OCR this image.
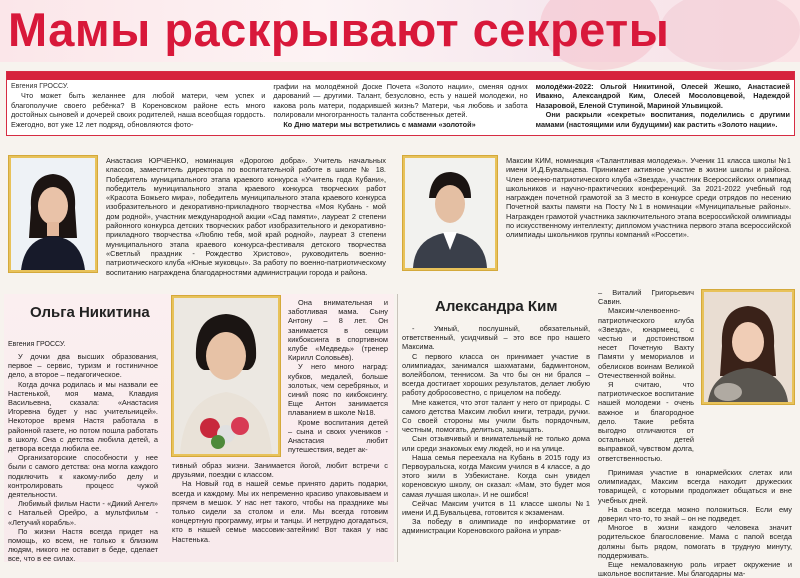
Мамы раскрывают секреты
Евгения ГРОССУ.
Что может быть желаннее для любой матери, чем успех и благополучие своего ребёнка? В Кореновском районе есть много достойных сыновей и дочерей своих родителей, наша всеобщая гордость. Ежегодно, вот уже 12 лет подряд, обновляются фото-
графии на молодёжной Доске Почета «Золото нации», сменяя одних дарований — другими. Талант, безусловно, есть у нашей молодежи, но какова роль матери, подарившей жизнь? Матери, чья любовь и забота полировали многогранность таланта собственных детей.
Ко Дню матери мы встретились с мамами «золотой»
молодёжи-2022: Ольгой Никитиной, Олесей Жешко, Анастасией Ивакно, Александрой Ким, Олесей Мосоловцевой, Надеждой Назаровой, Еленой Ступиной, Мариной Ульвицкой.
Они раскрыли «секреты» воспитания, поделились с другими мамами (настоящими или будущими) как растить «Золото нации».
Анастасия ЮРЧЕНКО, номинация «Дорогою добра». Учитель начальных классов, заместитель директора по воспитательной работе в школе № 18. Победитель муниципального этапа краевого конкурса «Учитель года Кубани», победитель муниципального этапа краевого конкурса творческих работ «Красота Божьего мира», победитель муниципального этапа краевого конкурса изобразительного и декоративно-прикладного творчества «Моя Кубань - мой дом родной», участник международной акции «Сад памяти», лауреат 2 степени районного конкурса детских творческих работ изобразительного и декоративно-прикладного творчества «Люблю тебя, мой край родной», лауреат 3 степени муниципального этапа краевого конкурса-фестиваля детского творчества «Светлый праздник - Рождество Христово», руководитель военно-патриотического клуба «Юные жуковцы». За работу по военно-патриотическому воспитанию награждена благодарностями администрации города и района.
Максим КИМ, номинация «Талантливая молодежь». Ученик 11 класса школы №1 имени И.Д.Бувальцева. Принимает активное участие в жизни школы и района. Член военно-патриотического клуба «Звезда», участник Всероссийских олимпиад школьников и научно-практических конференций. За 2021-2022 учебный год награжден почетной грамотой за 3 место в конкурсе среди отрядов по несению Почетной вахты памяти на Посту №1 в номинации «Муниципальные районы». Награжден грамотой участника заключительного этапа всероссийской олимпиады по искусственному интеллекту; дипломом участника первого этапа всероссийской олимпиады школьников группы компаний «Россети».
Ольга Никитина
Евгения ГРОССУ.

У дочки два высших образования, первое – сервис, туризм и гостиничное дело, а второе – педагогическое.

Когда дочка родилась и мы назвали ее Настенькой, моя мама, Клавдия Васильевна, сказала: «Анастасия Игоревна будет у нас учительницей». Некоторое время Настя работала в районной газете, но потом пошла работать в школу. Она с детства любила детей, а детвора всегда любила ее.

Организаторские способности у нее были с самого детства: она могла каждого подключить к какому-либо делу и контролировать процесс чужой деятельности.

Любимый фильм Насти - «Дикий Ангел» с Натальей Орейро, а мультфильм - «Летучий корабль».

По жизни Настя всегда придет на помощь, ко всем, не только к близким людям, никого не оставит в беде, сделает все, что в ее силах.

тивный образ жизни. Занимается йогой, любит встречи с друзьями, поездки с классом.

На Новый год в нашей семье принято дарить подарки, всегда и каждому. Мы их непременно красиво упаковываем и прячем в мешок. У нас нет такого, чтобы на празднике мы только сидели за столом и ели. Мы всегда готовим концертную программу, игры и танцы. И нетрудно догадаться, кто в нашей семье массовик-затейник! Вот такая у нас Настенька.

Она внимательная и заботливая мама. Сыну Антону – 8 лет. Он занимается в секции кикбоксинга в спортивном клубе «Медведь» (тренер Кирилл Соловьёв).

У него много наград: кубков, медалей, больше золотых, чем серебряных, и синий пояс по кикбоксингу. Еще Антон занимается плаванием в школе №18.

Кроме воспитания детей – сына и своих учеников - Анастасия любит путешествия, ведет ак-

Александра Ким

- Умный, послушный, обязательный, ответственный, усидчивый – это все про нашего Максима.

С первого класса он принимает участие в олимпиадах, занимался шахматами, бадминтоном, волейболом, теннисом. За что бы он ни брался – всегда достигает хороших результатов, делает любую работу добросовестно, с прицелом на победу.

Мне кажется, что этот талант у него от природы. С самого детства Максим любил книги, тетради, ручки. Со своей стороны мы учили быть порядочным, честным, помогать, делиться, защищать.

Сын отзывчивый и внимательный не только дома или среди знакомых ему людей, но и на улице.

Наша семья переехала на Кубань в 2015 году из Первоуральска, когда Максим учился в 4 классе, а до этого жили в Узбекистане. Когда сын увидел кореновскую школу, он сказал: «Мам, это будет моя самая лучшая школа». И не ошибся!

Сейчас Максим учится в 11 классе школы №1 имени И.Д.Бувальцева, готовится к экзаменам.

За победу в олимпиаде по информатике от администрации Кореновского района и управ-

– Виталий Григорьевич Савин.

Максим-членвоенно-патриотического клуба «Звезда», юнармеец, с честью и достоинством несет Почетную Вахту Памяти у мемориалов и обелисков воинам Великой Отечественной войны.

Я считаю, что патриотическое воспитание нашей молодежи - очень важное и благородное дело. Такие ребята выгодно отличаются от остальных детей выправкой, чувством долга, ответственностью.

Принимая участие в юнармейских слетах или олимпиадах, Максим всегда находит дружеских товарищей, с которыми продолжает общаться и вне учебных дней.

На сына всегда можно положиться. Если ему доверил что-то, то знай – он не подведет.

Многое в жизни каждого человека значит родительское благословение. Мама с папой всегда должны быть рядом, помогать в трудную минуту, поддерживать.

Еще немаловажную роль играет окружение и школьное воспитание. Мы благодарны ма-
